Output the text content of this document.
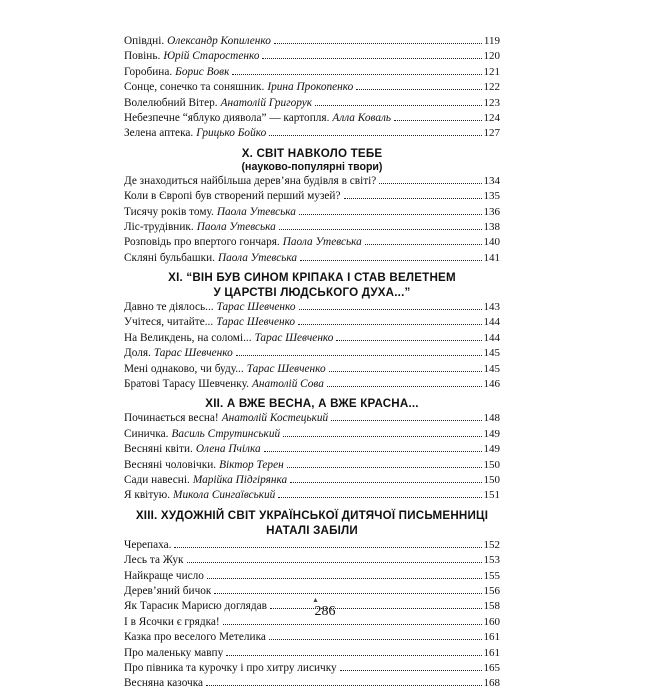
Опівдні. Олександр Копиленко	119
Повінь. Юрій Старостенко	120
Горобина. Борис Вовк	121
Сонце, сонечко та соняшник. Ірина Прокопенко	122
Волелюбний Вітер. Анатолій Григорук	123
Небезпечне “яблуко диявола” — картопля. Алла Коваль	124
Зелена аптека. Грицько Бойко	127
X. СВІТ НАВКОЛО ТЕБЕ
(науково-популярні твори)
Де знаходиться найбільша дерев’яна будівля в світі?	134
Коли в Європі був створений перший музей?	135
Тисячу років тому. Паола Утевська	136
Ліс-трудівник. Паола Утевська	138
Розповідь про впертого гончаря. Паола Утевська	140
Скляні бульбашки. Паола Утевська	141
XI. “ВІН БУВ СИНОМ КРІПАКА І СТАВ ВЕЛЕТНЕМ
У ЦАРСТВІ ЛЮДСЬКОГО ДУХА...”
Давно те діялось... Тарас Шевченко	143
Учітеся, читайте... Тарас Шевченко	144
На Великдень, на соломі... Тарас Шевченко	144
Доля. Тарас Шевченко	145
Мені однаково, чи буду... Тарас Шевченко	145
Братові Тарасу Шевченку. Анатолій Сова	146
XII. А ВЖЕ ВЕСНА, А ВЖЕ КРАСНА...
Починається весна! Анатолій Костецький	148
Синичка. Василь Струтинський	149
Весняні квіти. Олена Пчілка	149
Весняні чоловічки. Віктор Терен	150
Сади навесні. Марійка Підгірянка	150
Я квітую. Микола Сингаївський	151
XIII. ХУДОЖНІЙ СВІТ УКРАЇНСЬКОЇ ДИТЯЧОЇ ПИСЬМЕННИЦІ
НАТАЛІ ЗАБІЛИ
Черепаха.	152
Лесь та Жук	153
Найкраще число	155
Дерев’яний бичок	156
Як Тарасик Марисю доглядав	158
І в Ясочки є грядка!	160
Казка про веселого Метелика	161
Про маленьку мавпу	161
Про півника та курочку і про хитру лисичку	165
Весняна казочка	168
▲
286
